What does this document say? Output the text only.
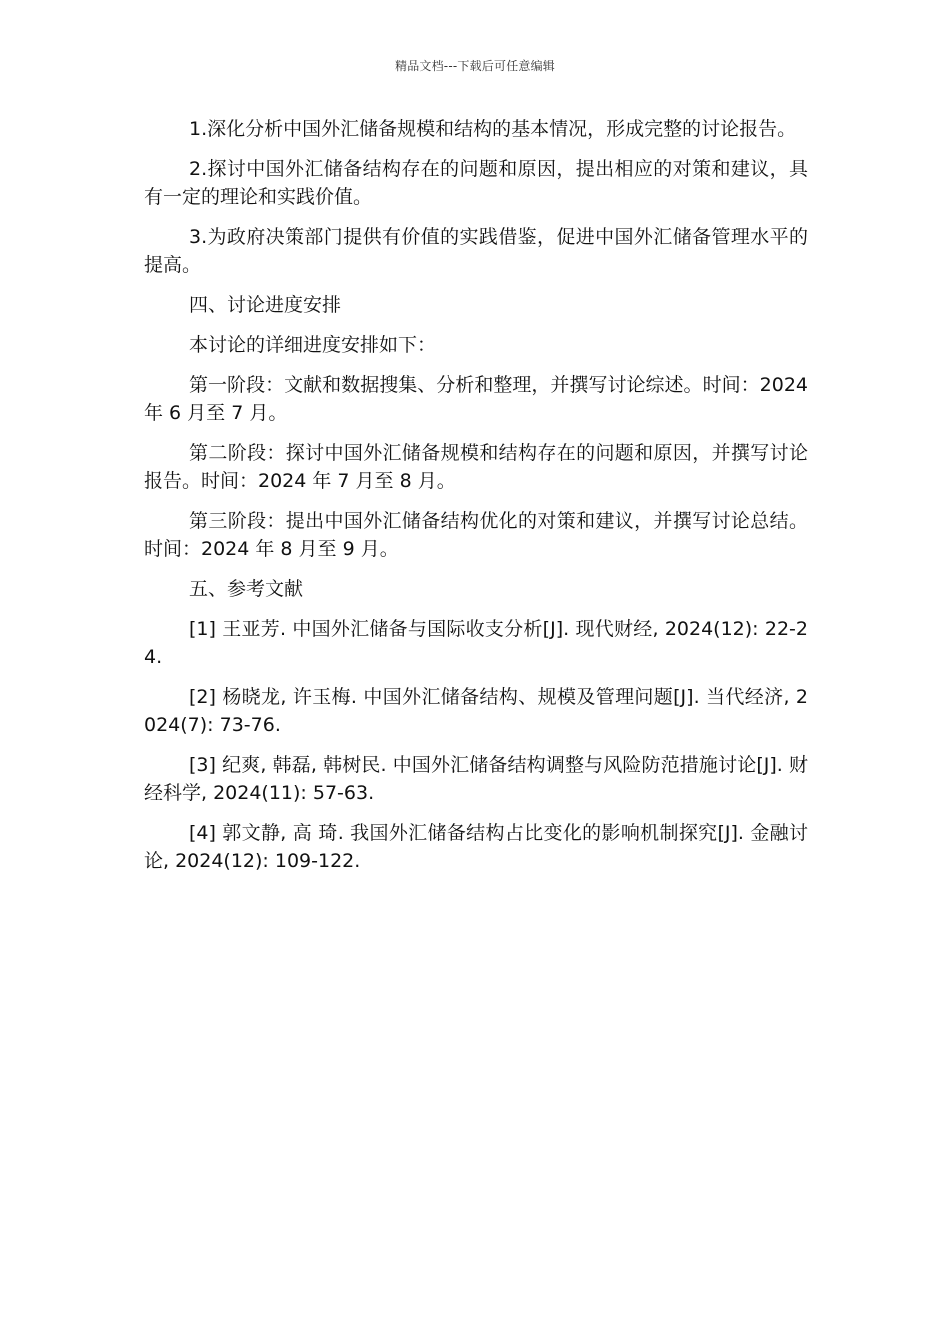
精品文档---下载后可任意编辑

1.深化分析中国外汇储备规模和结构的基本情况，形成完整的讨论报告。

2.探讨中国外汇储备结构存在的问题和原因，提出相应的对策和建议，具有一定的理论和实践价值。

3.为政府决策部门提供有价值的实践借鉴，促进中国外汇储备管理水平的提高。

四、讨论进度安排

本讨论的详细进度安排如下：

第一阶段：文献和数据搜集、分析和整理，并撰写讨论综述。时间：2024 年 6 月至 7 月。

第二阶段：探讨中国外汇储备规模和结构存在的问题和原因，并撰写讨论报告。时间：2024 年 7 月至 8 月。

第三阶段：提出中国外汇储备结构优化的对策和建议，并撰写讨论总结。时间：2024 年 8 月至 9 月。

五、参考文献

[1] 王亚芳. 中国外汇储备与国际收支分析[J]. 现代财经, 2024(12): 22-24.

[2] 杨晓龙, 许玉梅. 中国外汇储备结构、规模及管理问题[J]. 当代经济, 2024(7): 73-76.

[3] 纪爽, 韩磊, 韩树民. 中国外汇储备结构调整与风险防范措施讨论[J]. 财经科学, 2024(11): 57-63.

[4] 郭文静, 高 琦. 我国外汇储备结构占比变化的影响机制探究[J]. 金融讨论, 2024(12): 109-122.
